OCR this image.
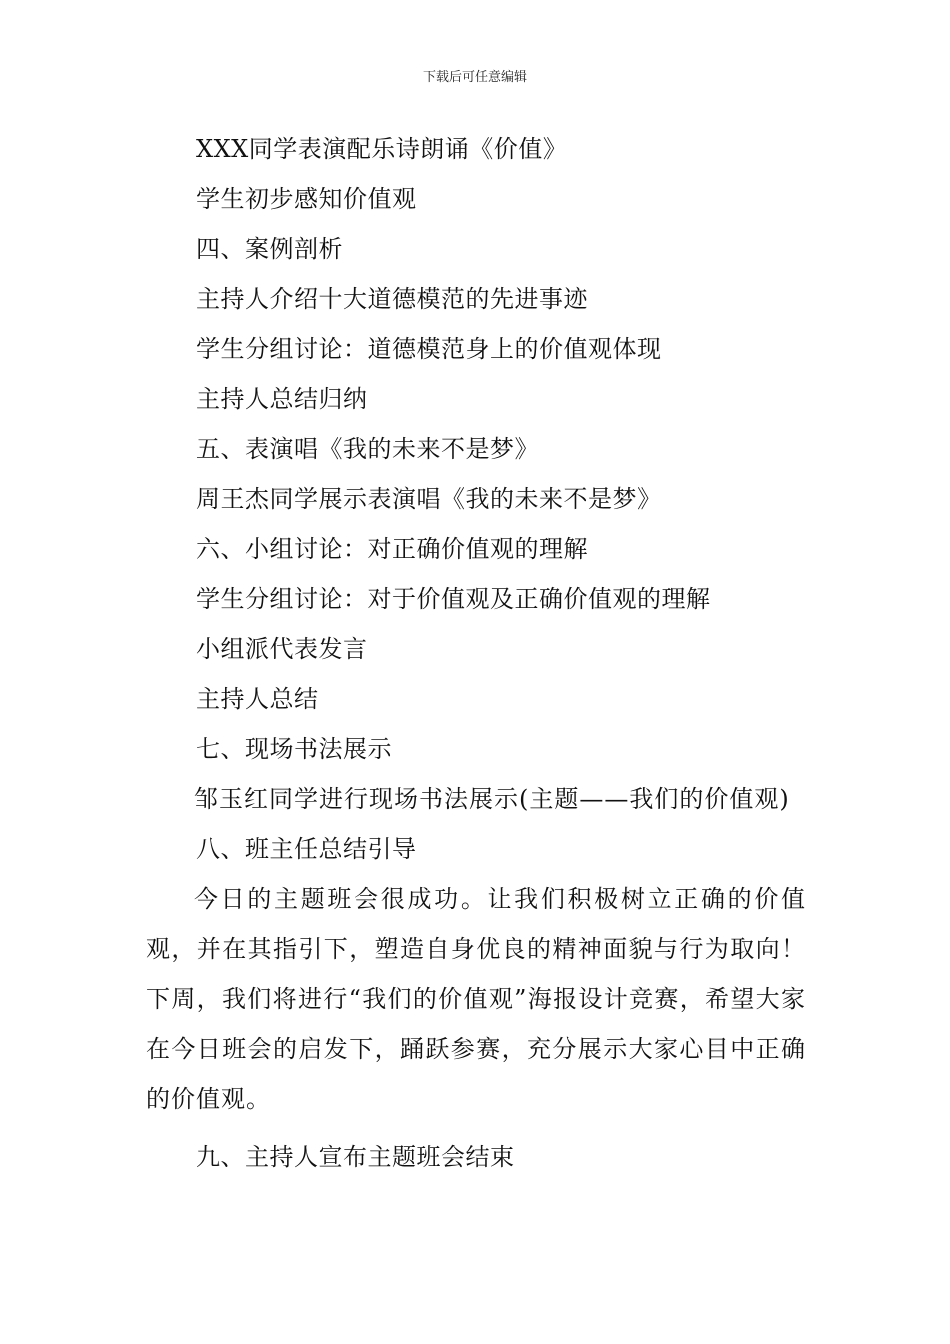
下载后可任意编辑
XXX同学表演配乐诗朗诵《价值》
学生初步感知价值观
四、案例剖析
主持人介绍十大道德模范的先进事迹
学生分组讨论：道德模范身上的价值观体现
主持人总结归纳
五、表演唱《我的未来不是梦》
周王杰同学展示表演唱《我的未来不是梦》
六、小组讨论：对正确价值观的理解
学生分组讨论：对于价值观及正确价值观的理解
小组派代表发言
主持人总结
七、现场书法展示
邹玉红同学进行现场书法展示(主题——我们的价值观)
八、班主任总结引导
今日的主题班会很成功。让我们积极树立正确的价值观，并在其指引下，塑造自身优良的精神面貌与行为取向！下周，我们将进行“我们的价值观”海报设计竞赛，希望大家在今日班会的启发下，踊跃参赛，充分展示大家心目中正确的价值观。
九、主持人宣布主题班会结束
